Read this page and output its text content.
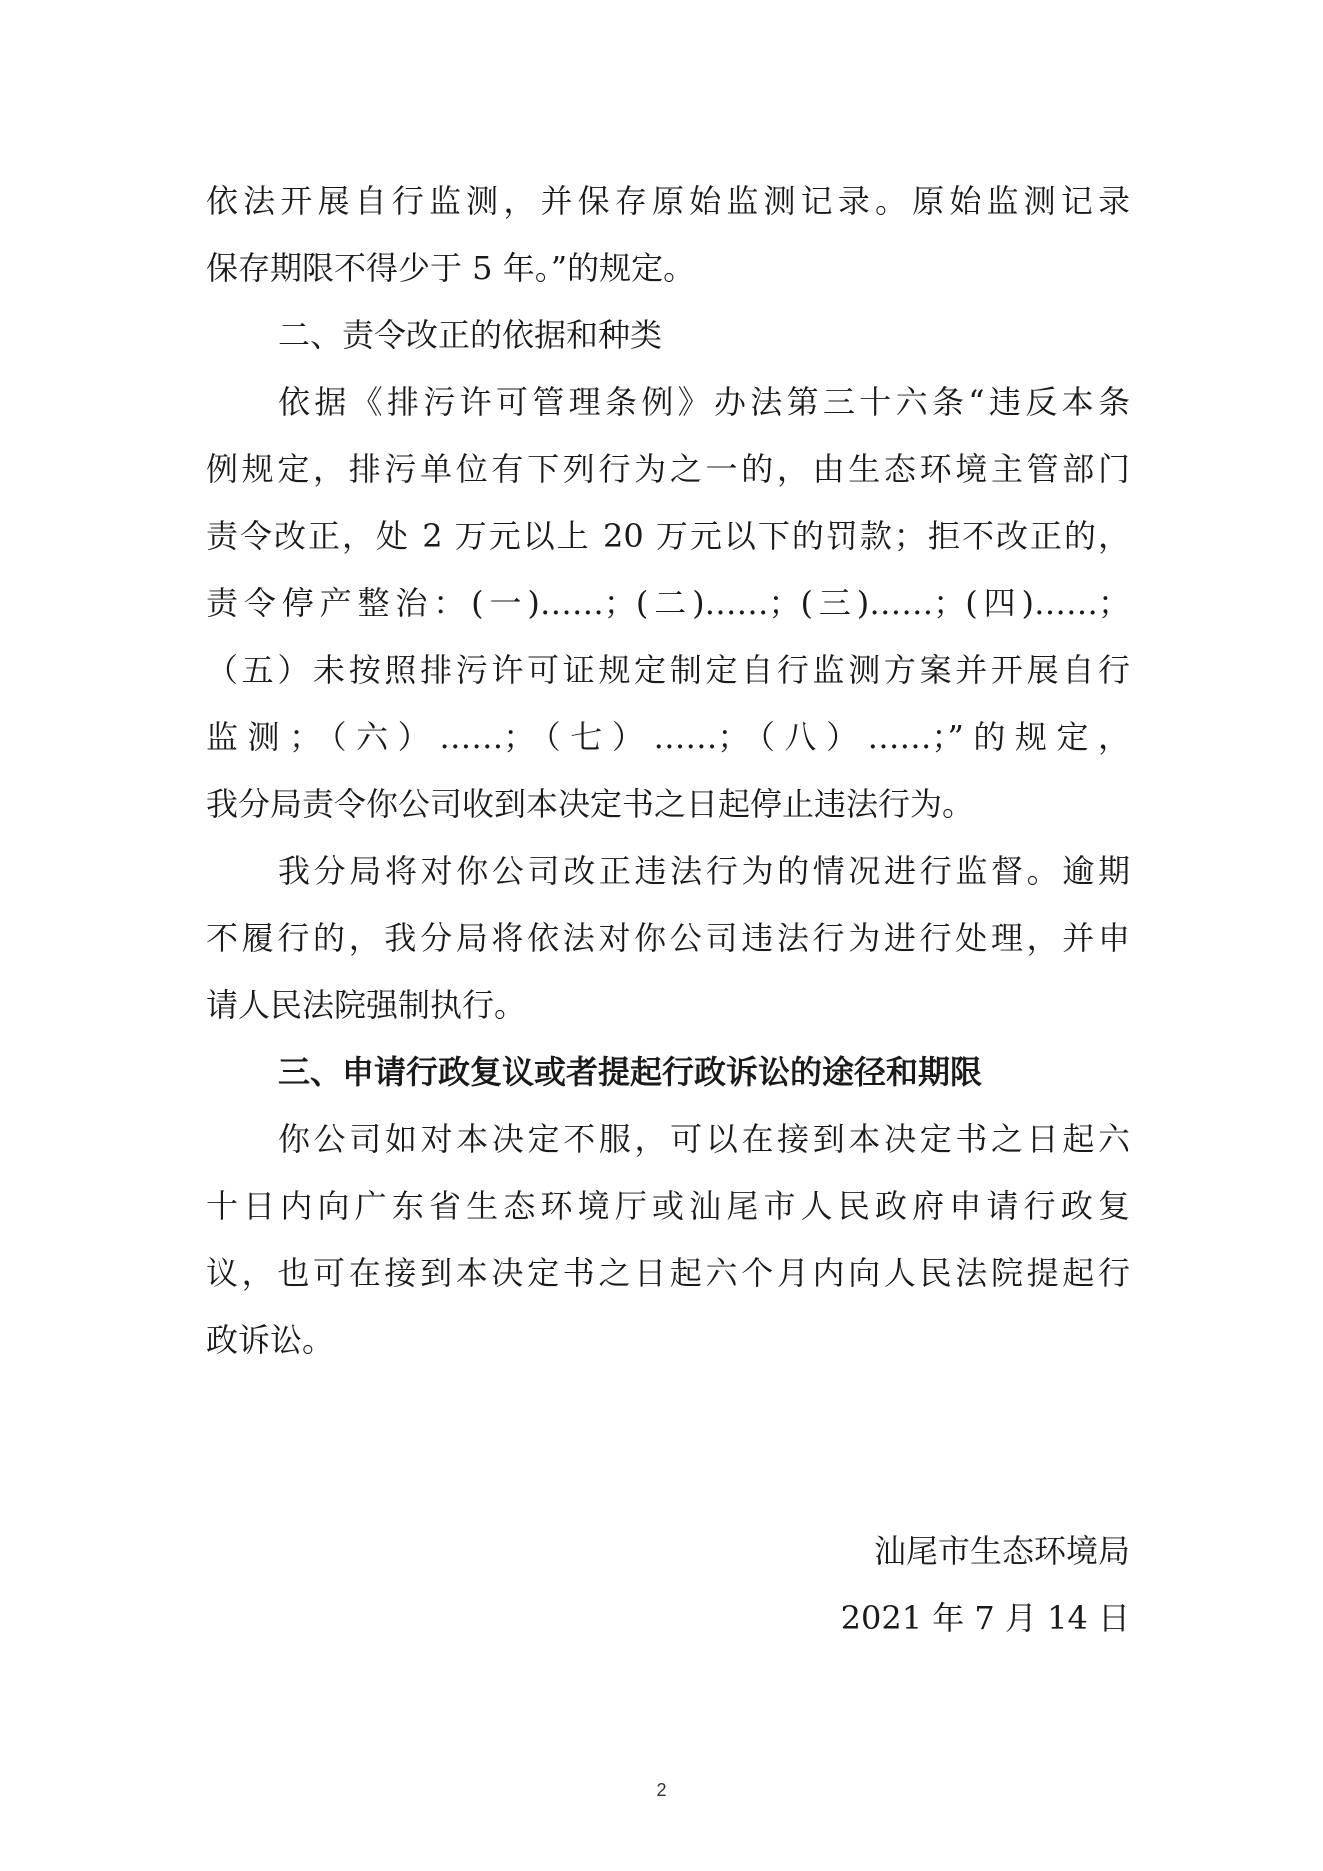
依法开展自行监测，并保存原始监测记录。原始监测记录
保存期限不得少于 5 年。”的规定。
二、责令改正的依据和种类
依据《排污许可管理条例》办法第三十六条“违反本条
例规定，排污单位有下列行为之一的，由生态环境主管部门
责令改正，处 2 万元以上 20 万元以下的罚款；拒不改正的，
责令停产整治：(一)……；(二)……；(三)……；(四)……；
（五）未按照排污许可证规定制定自行监测方案并开展自行
监测；（六）……；（七）……；（八）……；”的规定，
我分局责令你公司收到本决定书之日起停止违法行为。
我分局将对你公司改正违法行为的情况进行监督。逾期
不履行的，我分局将依法对你公司违法行为进行处理，并申
请人民法院强制执行。
三、申请行政复议或者提起行政诉讼的途径和期限
你公司如对本决定不服，可以在接到本决定书之日起六
十日内向广东省生态环境厅或汕尾市人民政府申请行政复
议，也可在接到本决定书之日起六个月内向人民法院提起行
政诉讼。
汕尾市生态环境局
2021 年 7 月 14 日
2
